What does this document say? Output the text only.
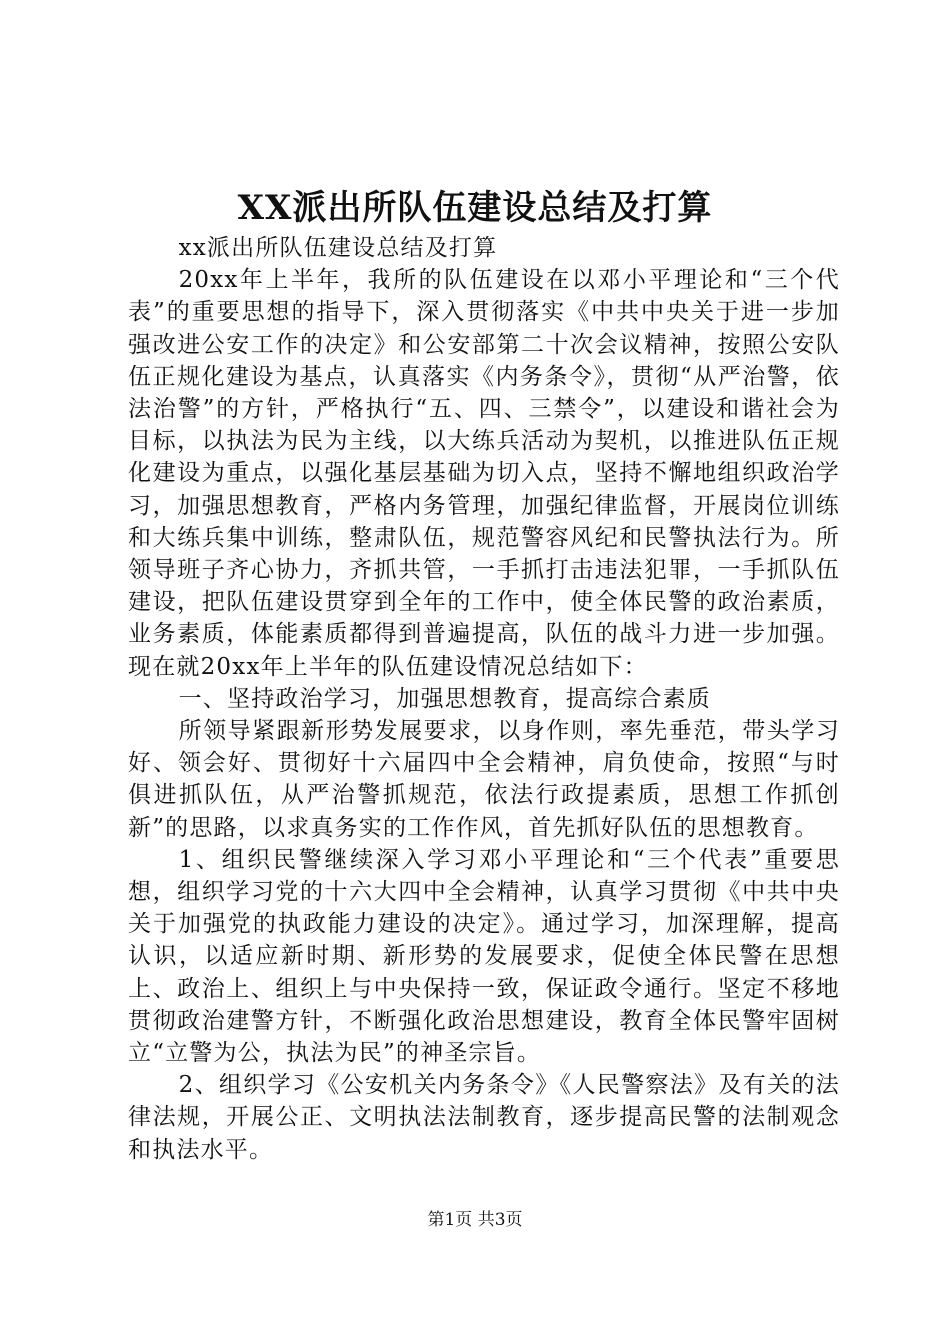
XX派出所队伍建设总结及打算

xx派出所队伍建设总结及打算

20xx年上半年，我所的队伍建设在以邓小平理论和“三个代表”的重要思想的指导下，深入贯彻落实《中共中央关于进一步加强改进公安工作的决定》和公安部第二十次会议精神，按照公安队伍正规化建设为基点，认真落实《内务条令》，贯彻“从严治警，依法治警”的方针，严格执行“五、四、三禁令”，以建设和谐社会为目标，以执法为民为主线，以大练兵活动为契机，以推进队伍正规化建设为重点，以强化基层基础为切入点，坚持不懈地组织政治学习，加强思想教育，严格内务管理，加强纪律监督，开展岗位训练和大练兵集中训练，整肃队伍，规范警容风纪和民警执法行为。所领导班子齐心协力，齐抓共管，一手抓打击违法犯罪，一手抓队伍建设，把队伍建设贯穿到全年的工作中，使全体民警的政治素质，业务素质，体能素质都得到普遍提高，队伍的战斗力进一步加强。现在就20xx年上半年的队伍建设情况总结如下：

一、坚持政治学习，加强思想教育，提高综合素质

所领导紧跟新形势发展要求，以身作则，率先垂范，带头学习好、领会好、贯彻好十六届四中全会精神，肩负使命，按照“与时俱进抓队伍，从严治警抓规范，依法行政提素质，思想工作抓创新”的思路，以求真务实的工作作风，首先抓好队伍的思想教育。

1、组织民警继续深入学习邓小平理论和“三个代表”重要思想，组织学习党的十六大四中全会精神，认真学习贯彻《中共中央关于加强党的执政能力建设的决定》。通过学习，加深理解，提高认识，以适应新时期、新形势的发展要求，促使全体民警在思想上、政治上、组织上与中央保持一致，保证政令通行。坚定不移地贯彻政治建警方针，不断强化政治思想建设，教育全体民警牢固树立“立警为公，执法为民”的神圣宗旨。

2、组织学习《公安机关内务条令》《人民警察法》及有关的法律法规，开展公正、文明执法法制教育，逐步提高民警的法制观念和执法水平。

第1页 共3页
